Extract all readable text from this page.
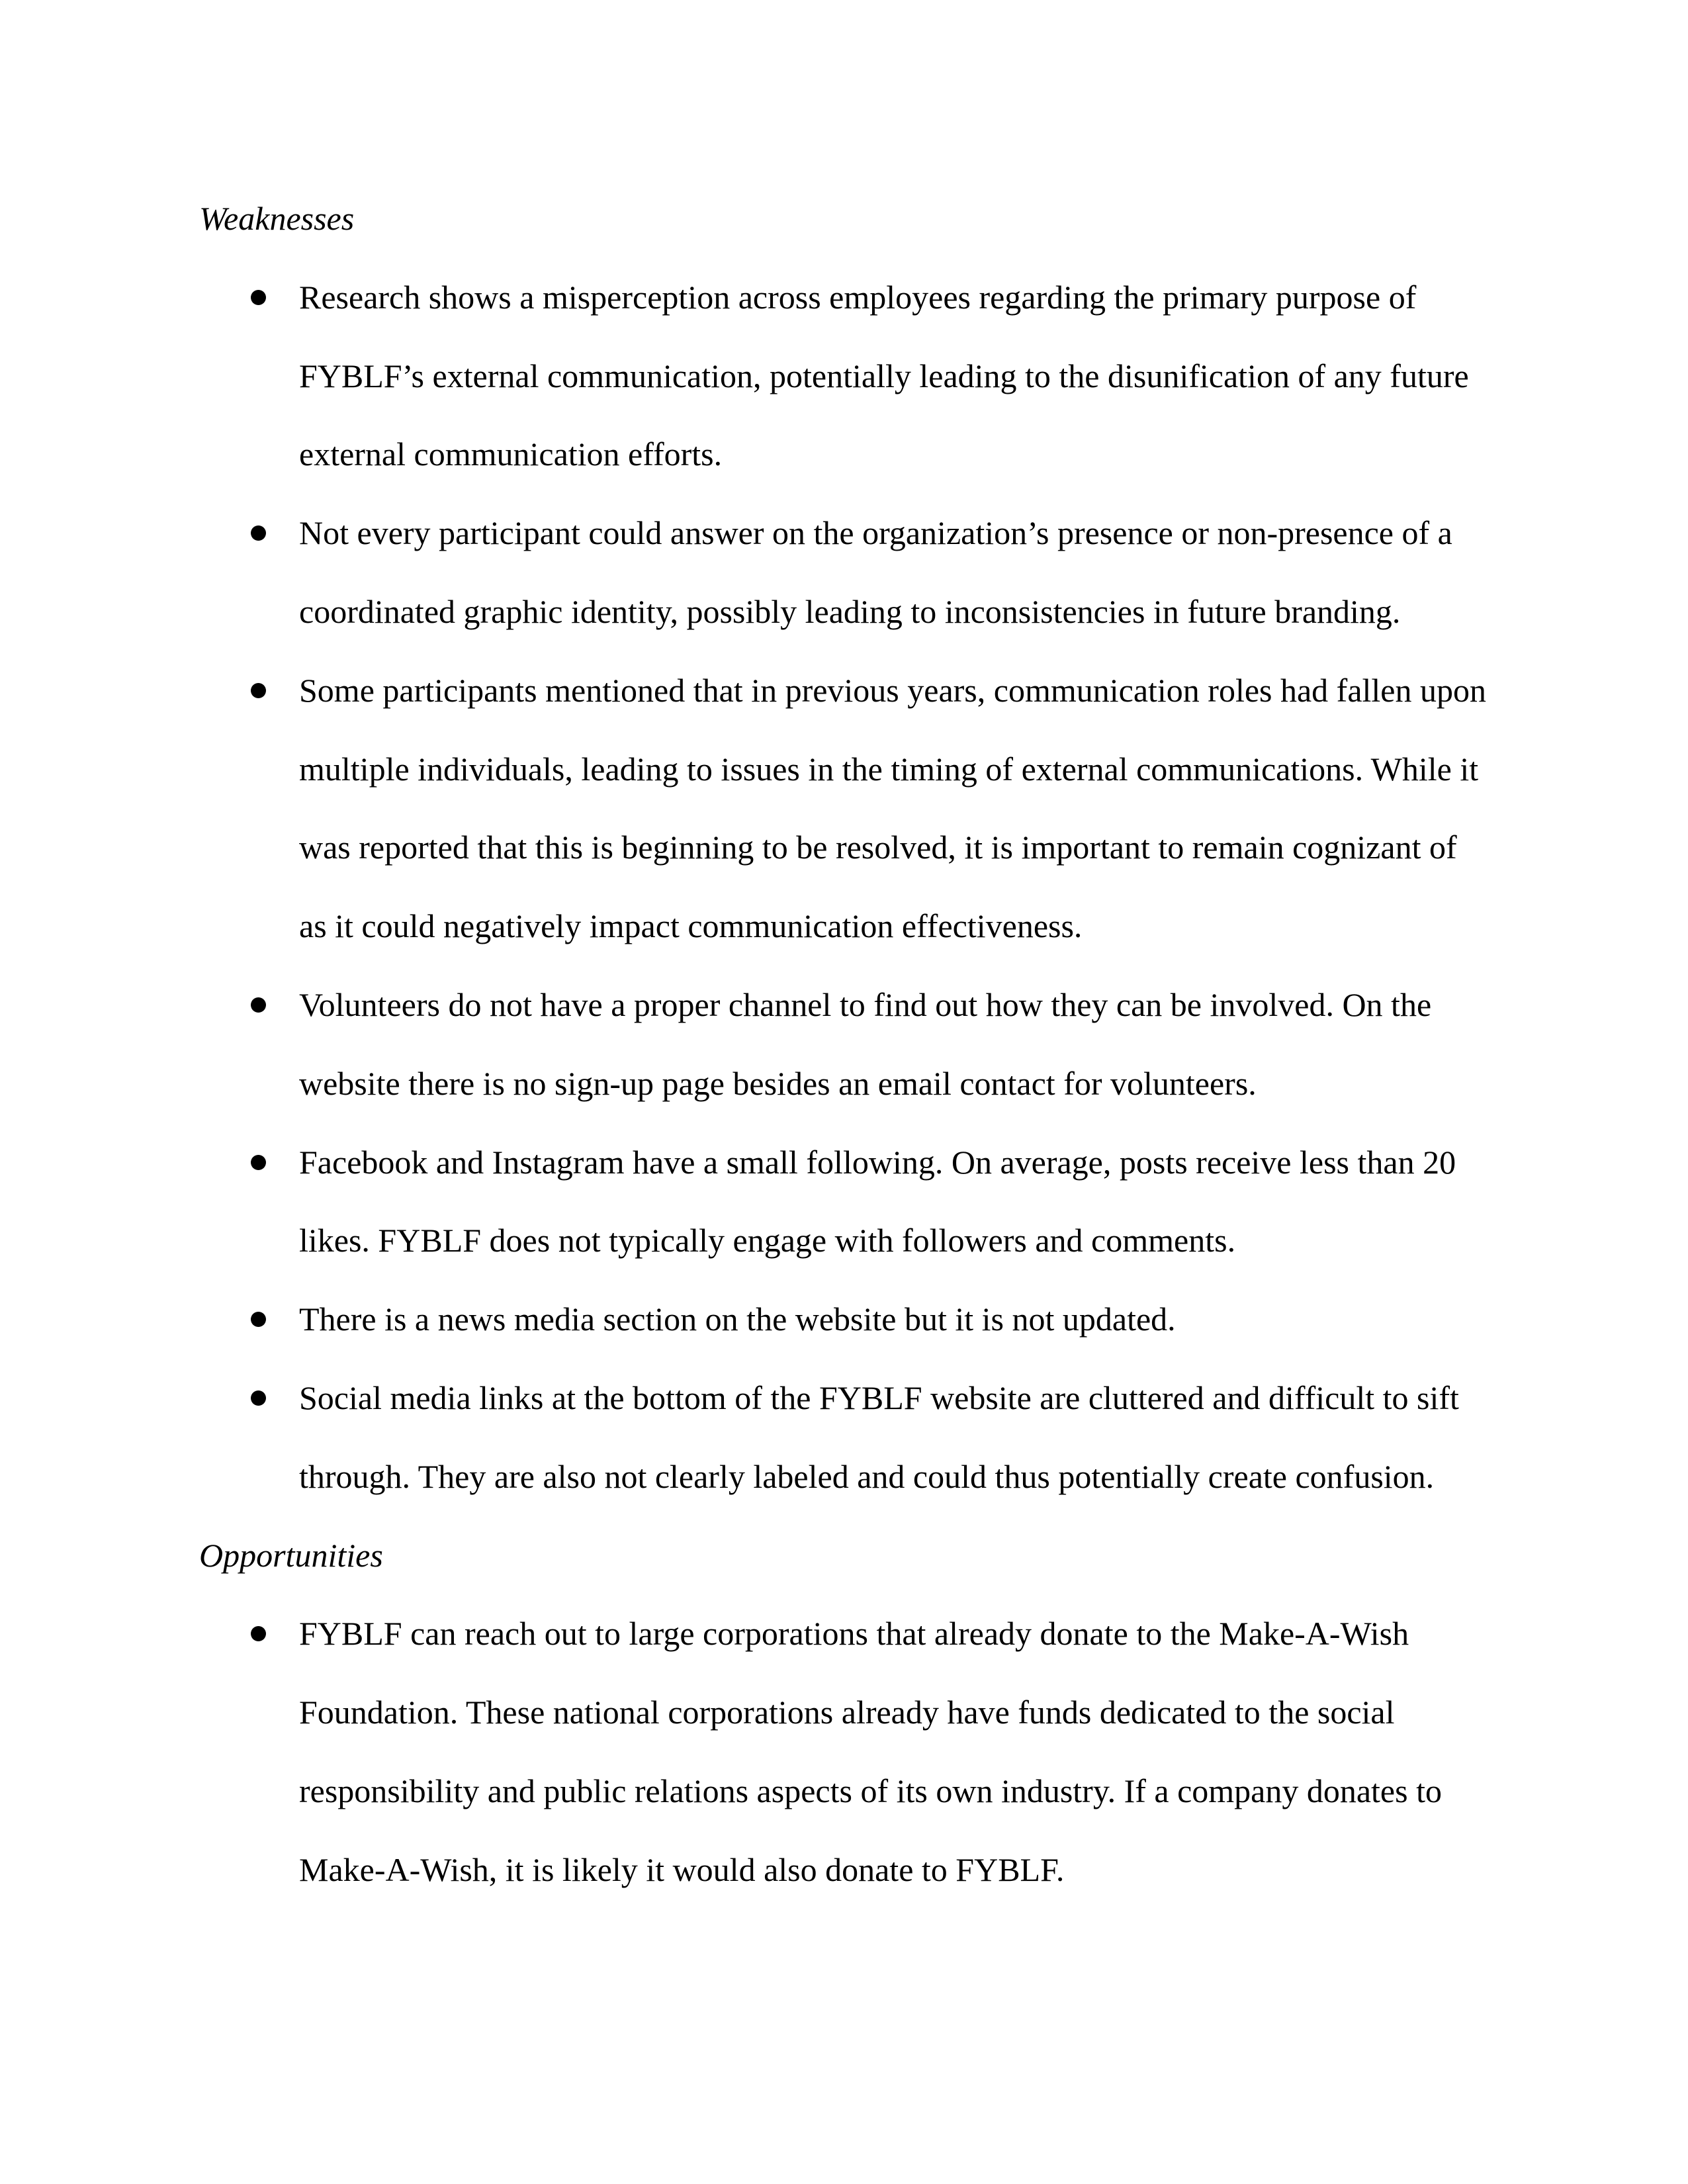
Weaknesses
Research shows a misperception across employees regarding the primary purpose of
FYBLF’s external communication, potentially leading to the disunification of any future
external communication efforts.
Not every participant could answer on the organization’s presence or non-presence of a
coordinated graphic identity, possibly leading to inconsistencies in future branding.
Some participants mentioned that in previous years, communication roles had fallen upon
multiple individuals, leading to issues in the timing of external communications. While it
was reported that this is beginning to be resolved, it is important to remain cognizant of
as it could negatively impact communication effectiveness.
Volunteers do not have a proper channel to find out how they can be involved. On the
website there is no sign-up page besides an email contact for volunteers.
Facebook and Instagram have a small following. On average, posts receive less than 20
likes. FYBLF does not typically engage with followers and comments.
There is a news media section on the website but it is not updated.
Social media links at the bottom of the FYBLF website are cluttered and difficult to sift
through. They are also not clearly labeled and could thus potentially create confusion.
Opportunities
FYBLF can reach out to large corporations that already donate to the Make-A-Wish
Foundation. These national corporations already have funds dedicated to the social
responsibility and public relations aspects of its own industry. If a company donates to
Make-A-Wish, it is likely it would also donate to FYBLF.
